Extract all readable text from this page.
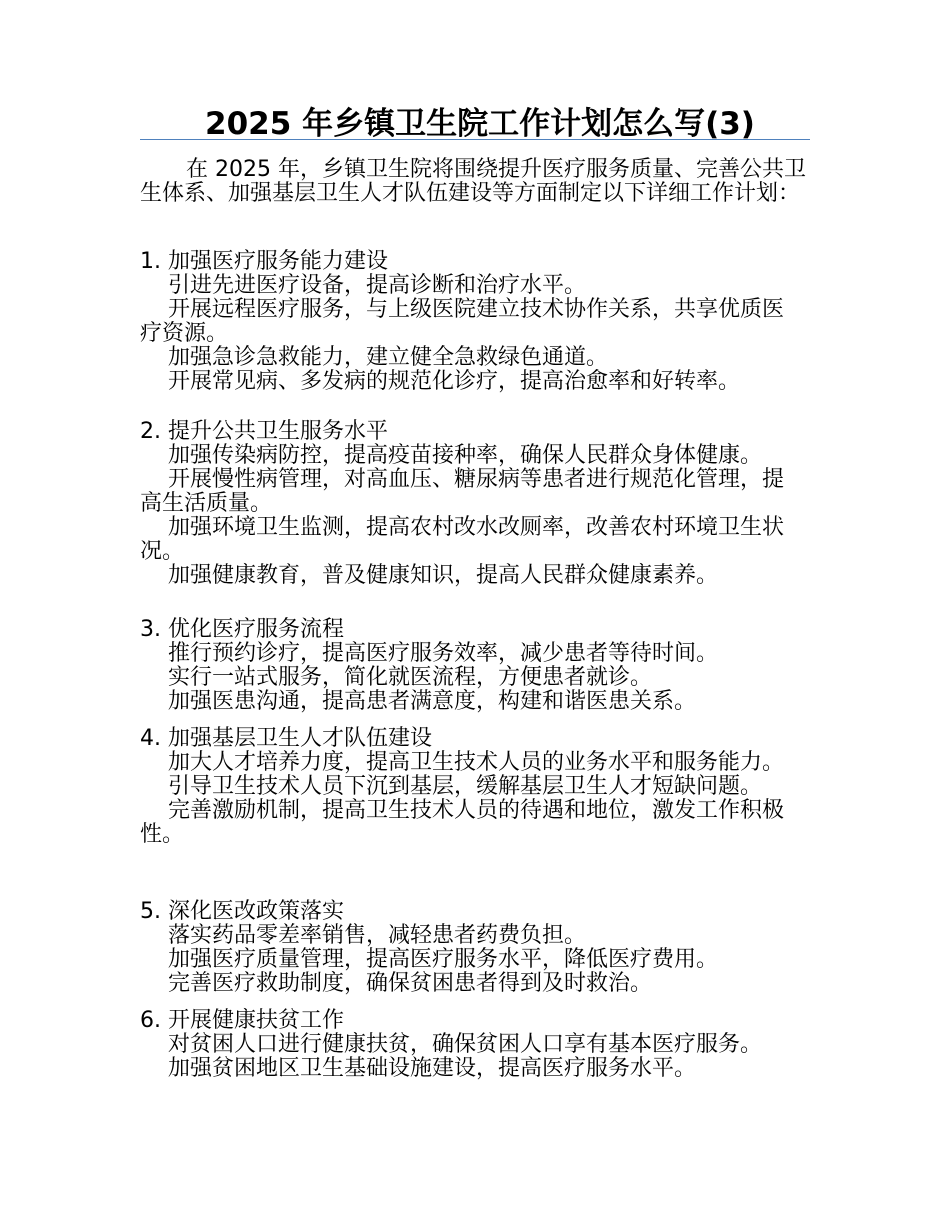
2025 年乡镇卫生院工作计划怎么写(3)
在 2025 年，乡镇卫生院将围绕提升医疗服务质量、完善公共卫生体系、加强基层卫生人才队伍建设等方面制定以下详细工作计划：
1. 加强医疗服务能力建设
引进先进医疗设备，提高诊断和治疗水平。
开展远程医疗服务，与上级医院建立技术协作关系，共享优质医疗资源。
加强急诊急救能力，建立健全急救绿色通道。
开展常见病、多发病的规范化诊疗，提高治愈率和好转率。
2. 提升公共卫生服务水平
加强传染病防控，提高疫苗接种率，确保人民群众身体健康。
开展慢性病管理，对高血压、糖尿病等患者进行规范化管理，提高生活质量。
加强环境卫生监测，提高农村改水改厕率，改善农村环境卫生状况。
加强健康教育，普及健康知识，提高人民群众健康素养。
3. 优化医疗服务流程
推行预约诊疗，提高医疗服务效率，减少患者等待时间。
实行一站式服务，简化就医流程，方便患者就诊。
加强医患沟通，提高患者满意度，构建和谐医患关系。
4. 加强基层卫生人才队伍建设
加大人才培养力度，提高卫生技术人员的业务水平和服务能力。
引导卫生技术人员下沉到基层，缓解基层卫生人才短缺问题。
完善激励机制，提高卫生技术人员的待遇和地位，激发工作积极性。
5. 深化医改政策落实
落实药品零差率销售，减轻患者药费负担。
加强医疗质量管理，提高医疗服务水平，降低医疗费用。
完善医疗救助制度，确保贫困患者得到及时救治。
6. 开展健康扶贫工作
对贫困人口进行健康扶贫，确保贫困人口享有基本医疗服务。
加强贫困地区卫生基础设施建设，提高医疗服务水平。
